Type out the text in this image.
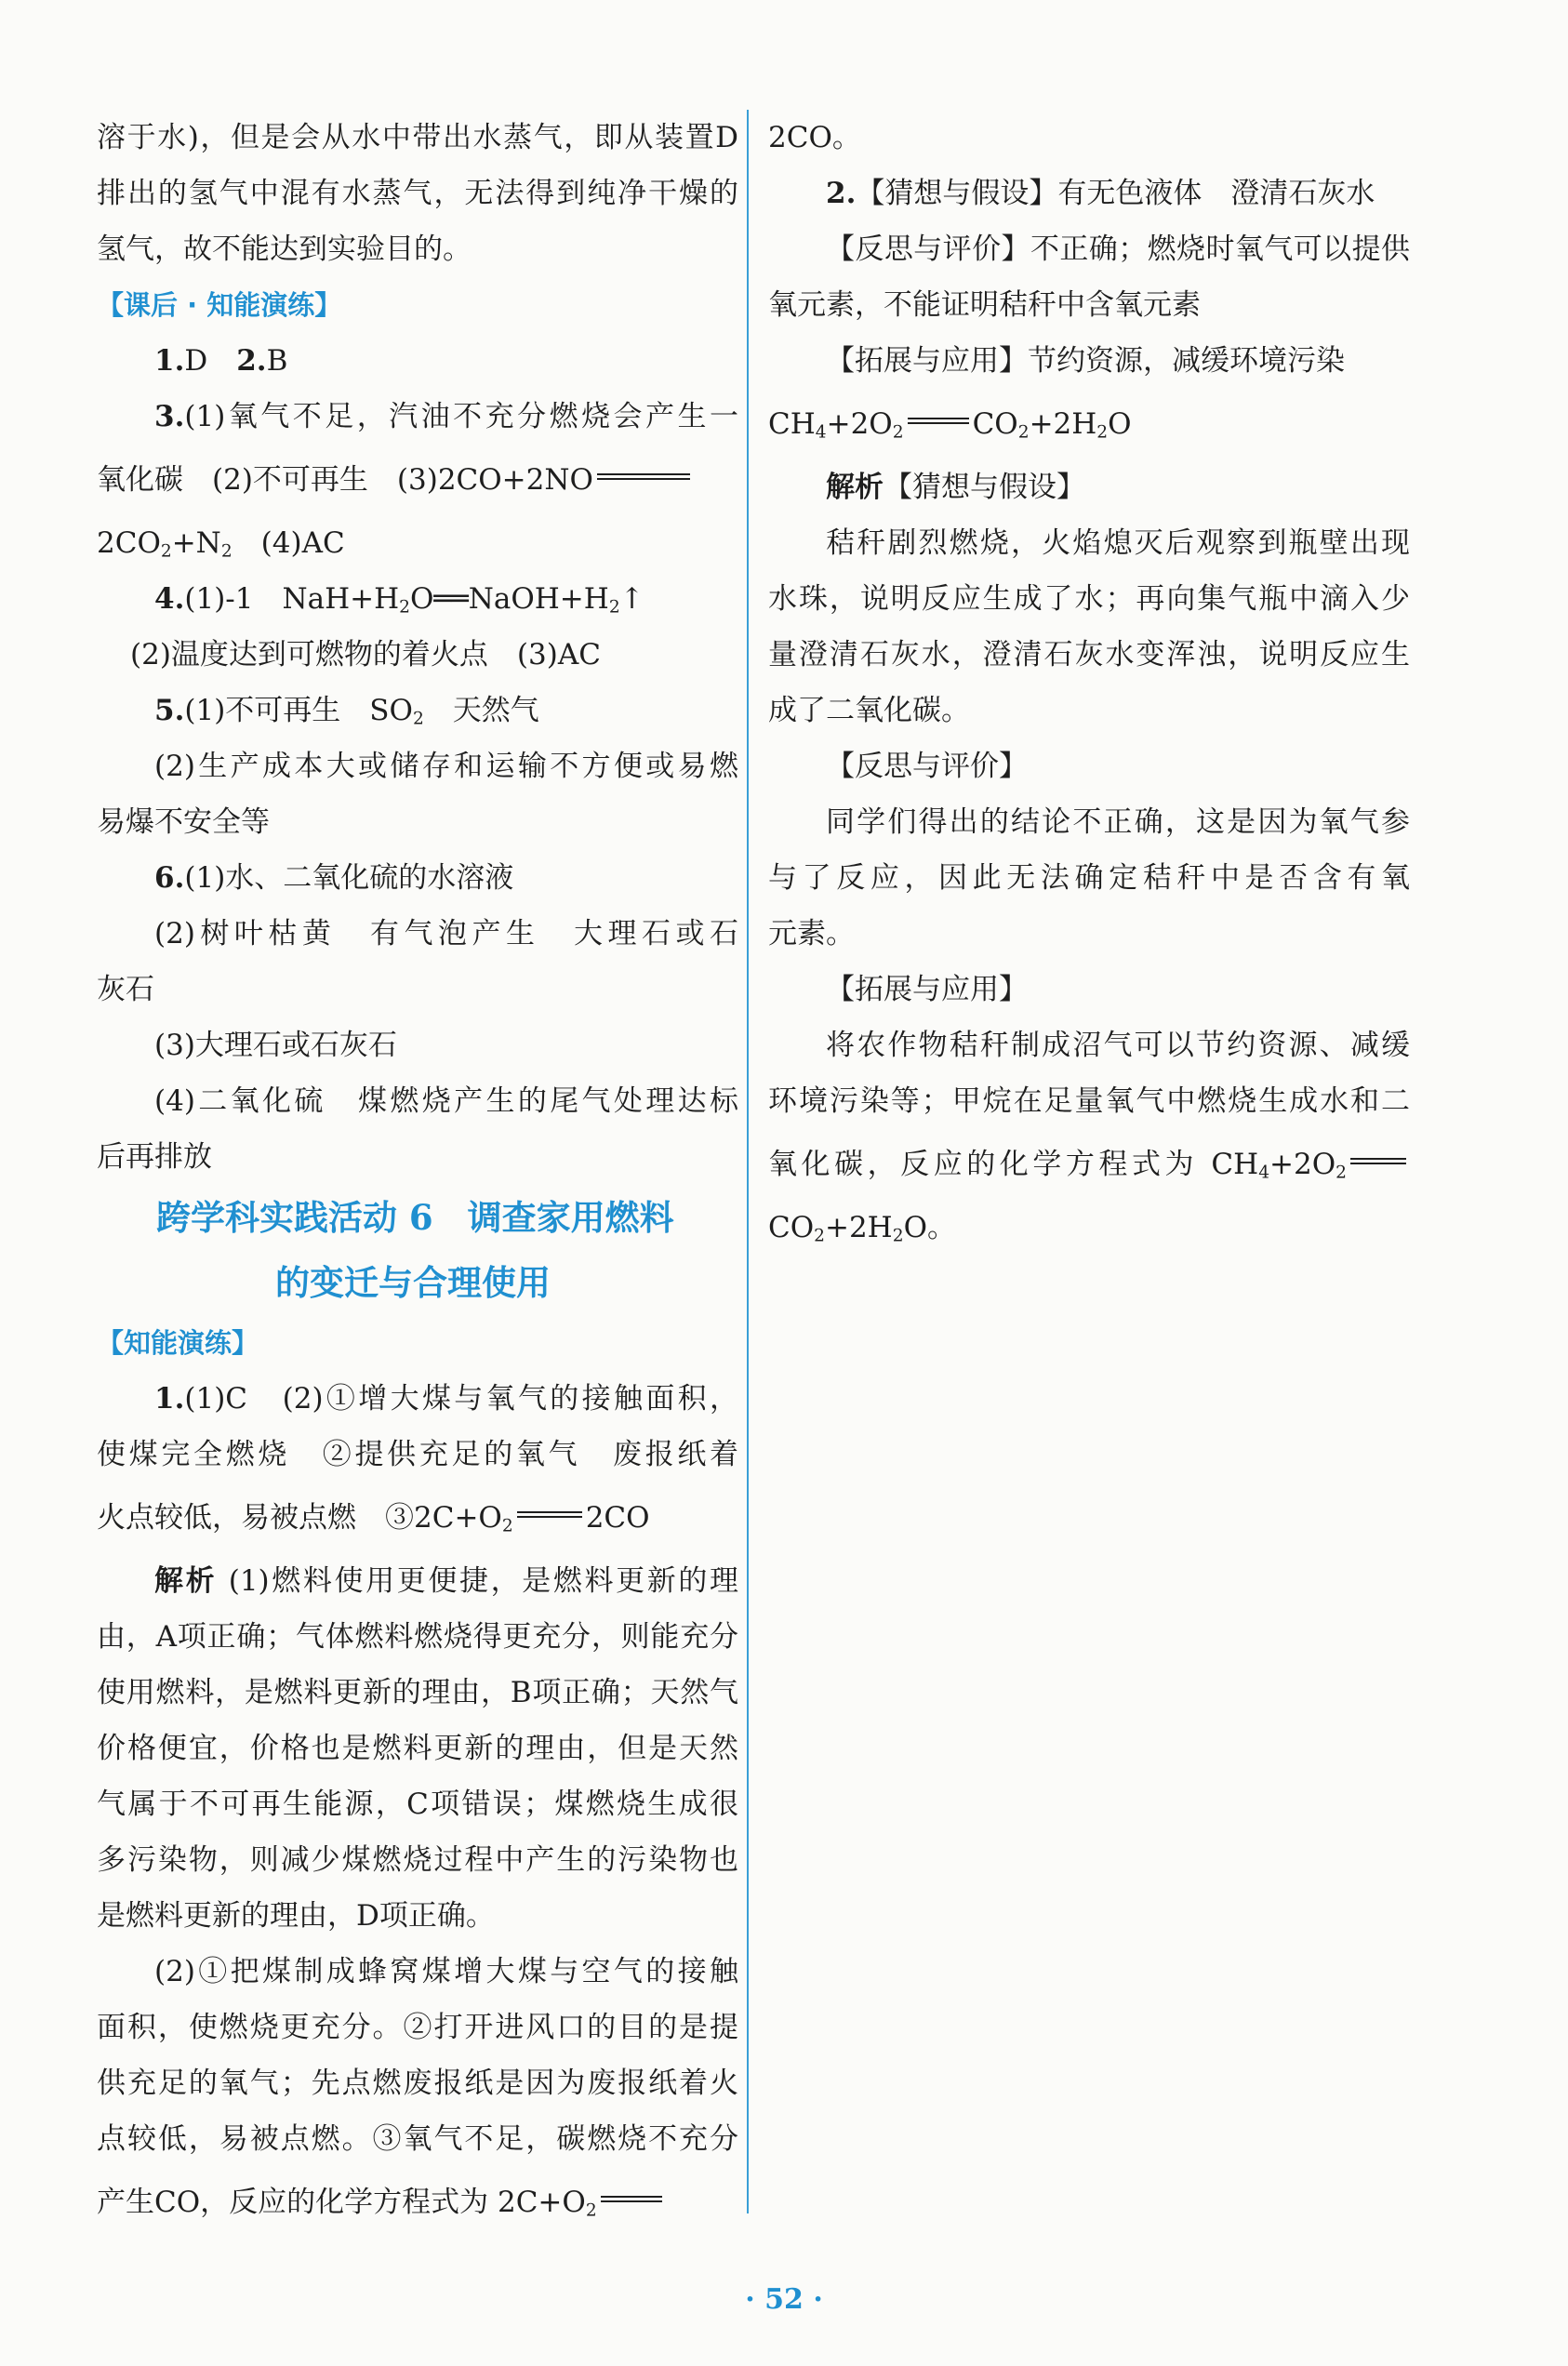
溶于水)，但是会从水中带出水蒸气，即从装置D
排出的氢气中混有水蒸气，无法得到纯净干燥的
氢气，故不能达到实验目的。
【课后 · 知能演练】
1.D　 2.B
3.(1)氧气不足，汽油不充分燃烧会产生一
氧化碳　(2)不可再生　(3)2CO+2NO
$2CO_2+N_2$　(4)AC
4.(1)-1　$NaH+H_2O══NaOH+H_2↑$
(2)温度达到可燃物的着火点　(3)AC
5.(1)不可再生　$SO_2$　天然气
(2)生产成本大或储存和运输不方便或易燃
易爆不安全等
6.(1)水、二氧化硫的水溶液
(2)树叶枯黄　有气泡产生　大理石或石
灰石
(3)大理石或石灰石
(4)二氧化硫　煤燃烧产生的尾气处理达标
后再排放
跨学科实践活动 6　调查家用燃料
的变迁与合理使用
【知能演练】
1.(1)C　(2)①增大煤与氧气的接触面积，
使煤完全燃烧　②提供充足的氧气　废报纸着
火点较低，易被点燃　$③2C+O_2$	2CO
解析 (1)燃料使用更便捷，是燃料更新的理
由，A项正确；气体燃料燃烧得更充分，则能充分
使用燃料，是燃料更新的理由，B项正确；天然气
价格便宜，价格也是燃料更新的理由，但是天然
气属于不可再生能源，C项错误；煤燃烧生成很
多污染物，则减少煤燃烧过程中产生的污染物也
是燃料更新的理由，D项正确。
(2)①把煤制成蜂窝煤增大煤与空气的接触
面积，使燃烧更充分。②打开进风口的目的是提
供充足的氧气；先点燃废报纸是因为废报纸着火
点较低，易被点燃。③氧气不足，碳燃烧不充分
产生CO，反应的化学方程式为 $2C+O_2$
2CO。
2.【猜想与假设】有无色液体　澄清石灰水
【反思与评价】不正确；燃烧时氧气可以提供
氧元素，不能证明秸秆中含氧元素
【拓展与应用】节约资源，减缓环境污染
$CH_4+2O_2$ $CO_2+2H_2O$
解析【猜想与假设】
秸秆剧烈燃烧，火焰熄灭后观察到瓶壁出现
水珠，说明反应生成了水；再向集气瓶中滴入少
量澄清石灰水，澄清石灰水变浑浊，说明反应生
成了二氧化碳。
【反思与评价】
同学们得出的结论不正确，这是因为氧气参
与了反应，因此无法确定秸秆中是否含有氧
元素。
【拓展与应用】
将农作物秸秆制成沼气可以节约资源、减缓
环境污染等；甲烷在足量氧气中燃烧生成水和二
氧化碳，反应的化学方程式为 $CH_4+2O_2$
$CO_2+2H_2O$。
· 52 ·
